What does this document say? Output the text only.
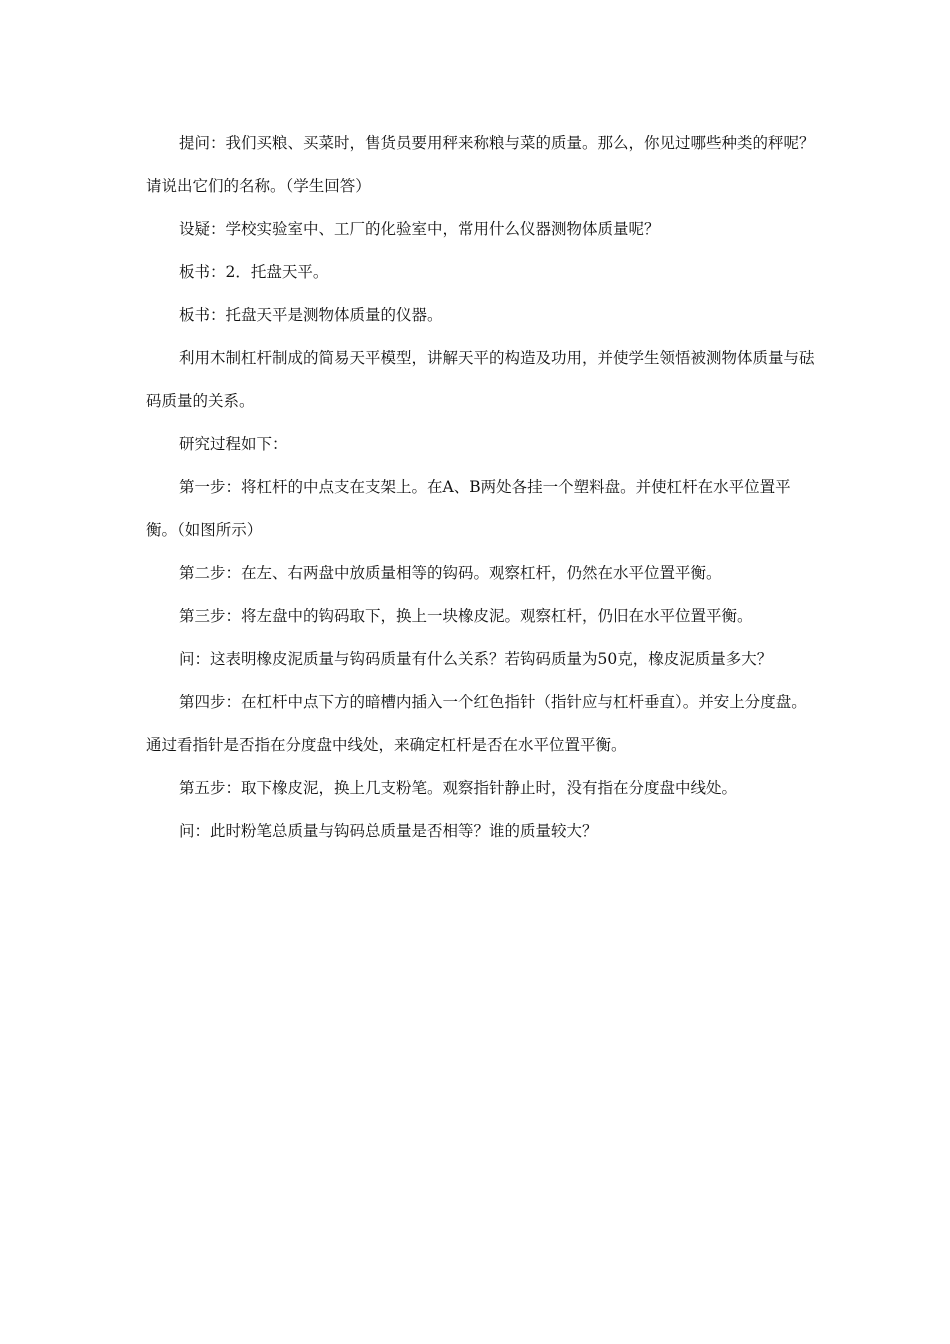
提问：我们买粮、买菜时，售货员要用秤来称粮与菜的质量。那么，你见过哪些种类的秤呢？请说出它们的名称。（学生回答）

设疑：学校实验室中、工厂的化验室中，常用什么仪器测物体质量呢？

板书：2．托盘天平。

板书：托盘天平是测物体质量的仪器。

利用木制杠杆制成的简易天平模型，讲解天平的构造及功用，并使学生领悟被测物体质量与砝码质量的关系。

研究过程如下：

第一步：将杠杆的中点支在支架上。在A、B两处各挂一个塑料盘。并使杠杆在水平位置平衡。（如图所示）

第二步：在左、右两盘中放质量相等的钩码。观察杠杆，仍然在水平位置平衡。

第三步：将左盘中的钩码取下，换上一块橡皮泥。观察杠杆，仍旧在水平位置平衡。

问：这表明橡皮泥质量与钩码质量有什么关系？若钩码质量为50克，橡皮泥质量多大？

第四步：在杠杆中点下方的暗槽内插入一个红色指针（指针应与杠杆垂直）。并安上分度盘。通过看指针是否指在分度盘中线处，来确定杠杆是否在水平位置平衡。

第五步：取下橡皮泥，换上几支粉笔。观察指针静止时，没有指在分度盘中线处。

问：此时粉笔总质量与钩码总质量是否相等？谁的质量较大？
